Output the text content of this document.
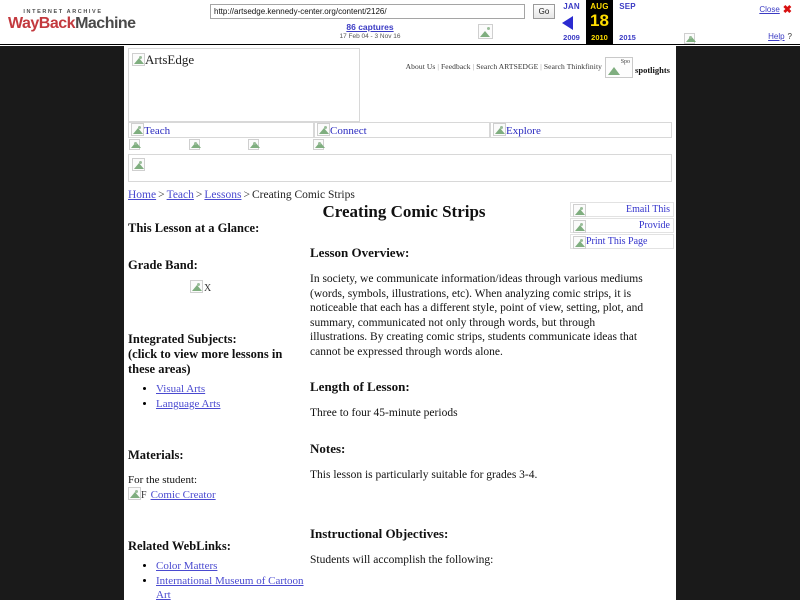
INTERNET ARCHIVE
WayBackMachine
http://artsedge.kennedy-center.org/content/2126/
Go
86 captures
17 Feb 04 - 3 Nov 16
JAN
2009
AUG
18
2010
SEP
2015
Close ✖
Help ?
ArtsEdge	About Us | Feedback | Search ARTSEDGE | Search Thinkfinity	Spo
spotlights
Teach	Connect	Explore
Home > Teach > Lessons > Creating Comic Strips
Creating Comic Strips	Email This
Provide
Print This Page
This Lesson at a Glance:
Grade Band:
X
Integrated Subjects:
(click to view more lessons in these areas)
• Visual Arts
• Language Arts
Materials:
For the student:
F Comic Creator
Related WebLinks:
• Color Matters
• International Museum of Cartoon Art
Lesson Overview:

In society, we communicate information/ideas through various mediums (words, symbols, illustrations, etc). When analyzing comic strips, it is noticeable that each has a different style, point of view, setting, plot, and summary, communicated not only through words, but through illustrations. By creating comic strips, students communicate ideas that cannot be expressed through words alone.

Length of Lesson:

Three to four 45-minute periods

Notes:

This lesson is particularly suitable for grades 3-4.

Instructional Objectives:

Students will accomplish the following:
